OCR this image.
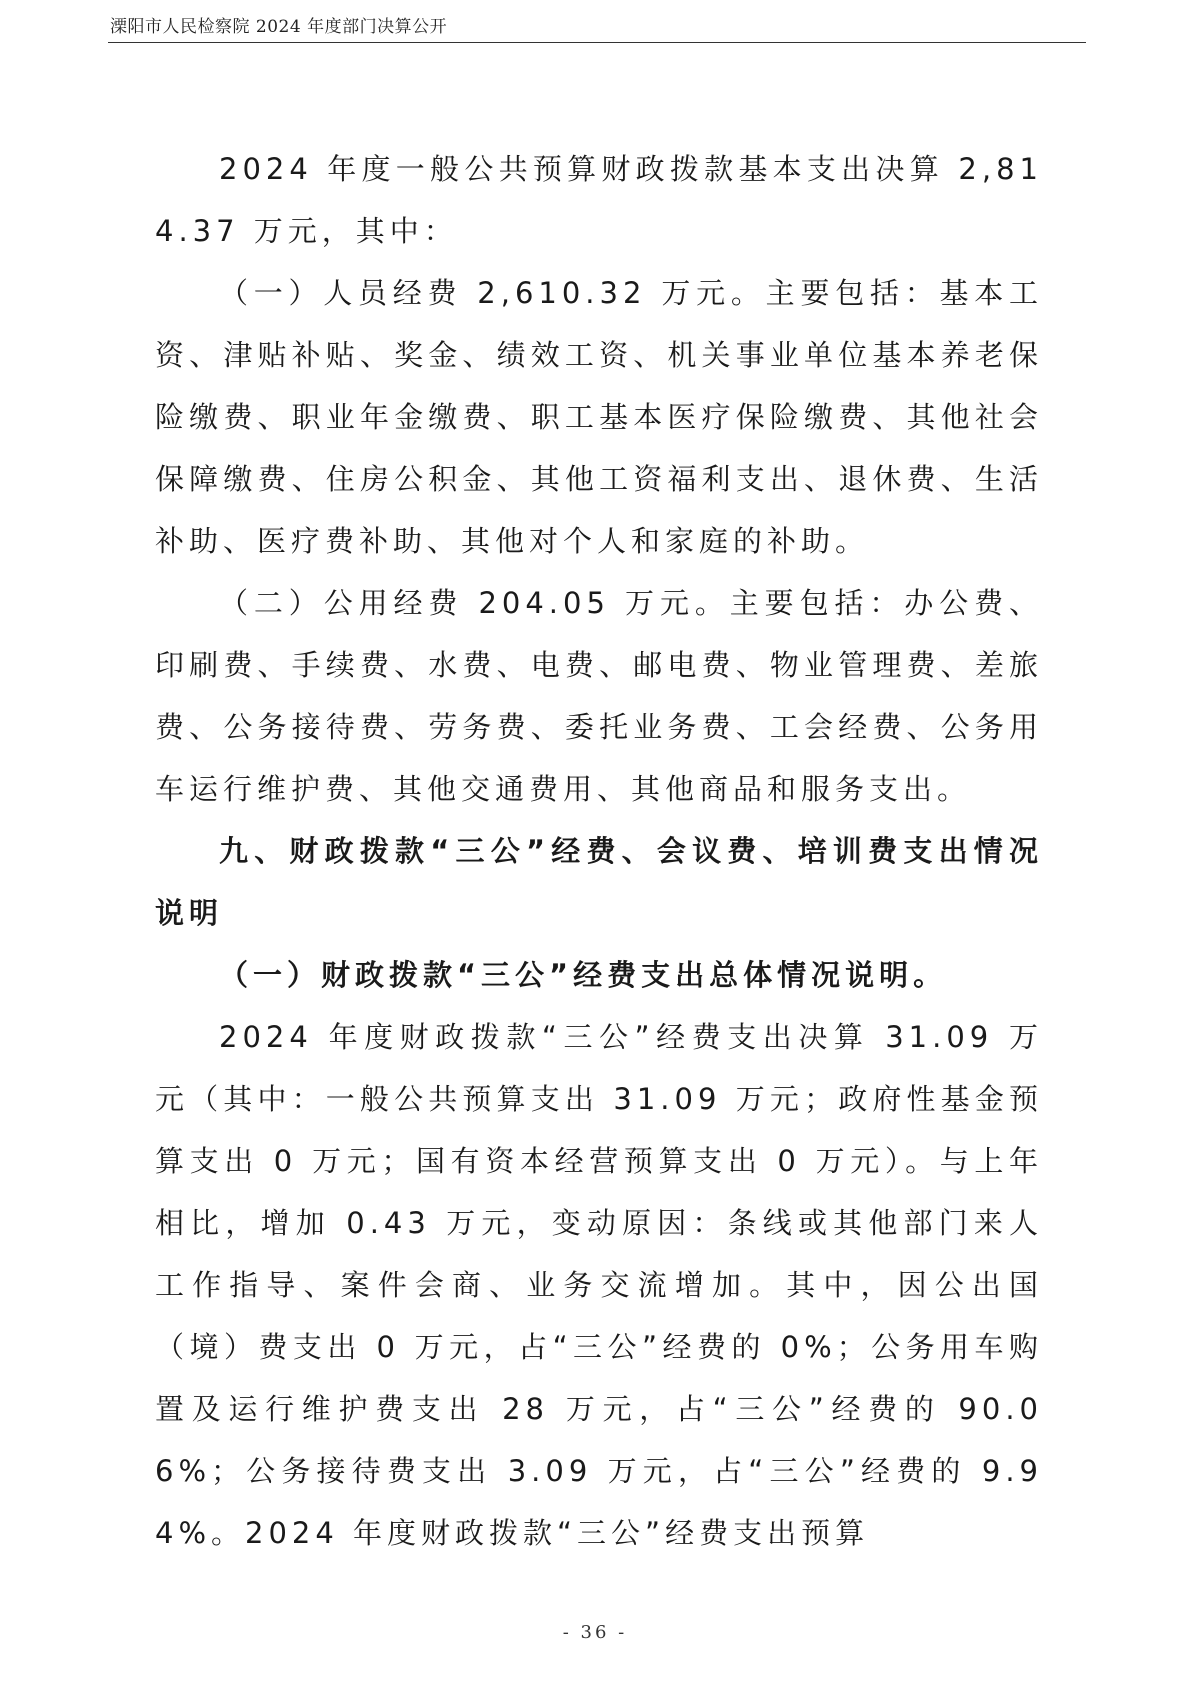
溧阳市人民检察院 2024 年度部门决算公开

2024 年度一般公共预算财政拨款基本支出决算 2,814.37 万元，其中：

（一）人员经费 2,610.32 万元。主要包括：基本工资、津贴补贴、奖金、绩效工资、机关事业单位基本养老保险缴费、职业年金缴费、职工基本医疗保险缴费、其他社会保障缴费、住房公积金、其他工资福利支出、退休费、生活补助、医疗费补助、其他对个人和家庭的补助。

（二）公用经费 204.05 万元。主要包括：办公费、印刷费、手续费、水费、电费、邮电费、物业管理费、差旅费、公务接待费、劳务费、委托业务费、工会经费、公务用车运行维护费、其他交通费用、其他商品和服务支出。

九、财政拨款“三公”经费、会议费、培训费支出情况说明

（一）财政拨款“三公”经费支出总体情况说明。

2024 年度财政拨款“三公”经费支出决算 31.09 万元（其中：一般公共预算支出 31.09 万元；政府性基金预算支出 0 万元；国有资本经营预算支出 0 万元）。与上年相比，增加 0.43 万元，变动原因：条线或其他部门来人工作指导、案件会商、业务交流增加。其中，因公出国（境）费支出 0 万元，占“三公”经费的 0%；公务用车购置及运行维护费支出 28 万元，占“三公”经费的 90.06%；公务接待费支出 3.09 万元，占“三公”经费的 9.94%。2024 年度财政拨款“三公”经费支出预算

- 36 -
